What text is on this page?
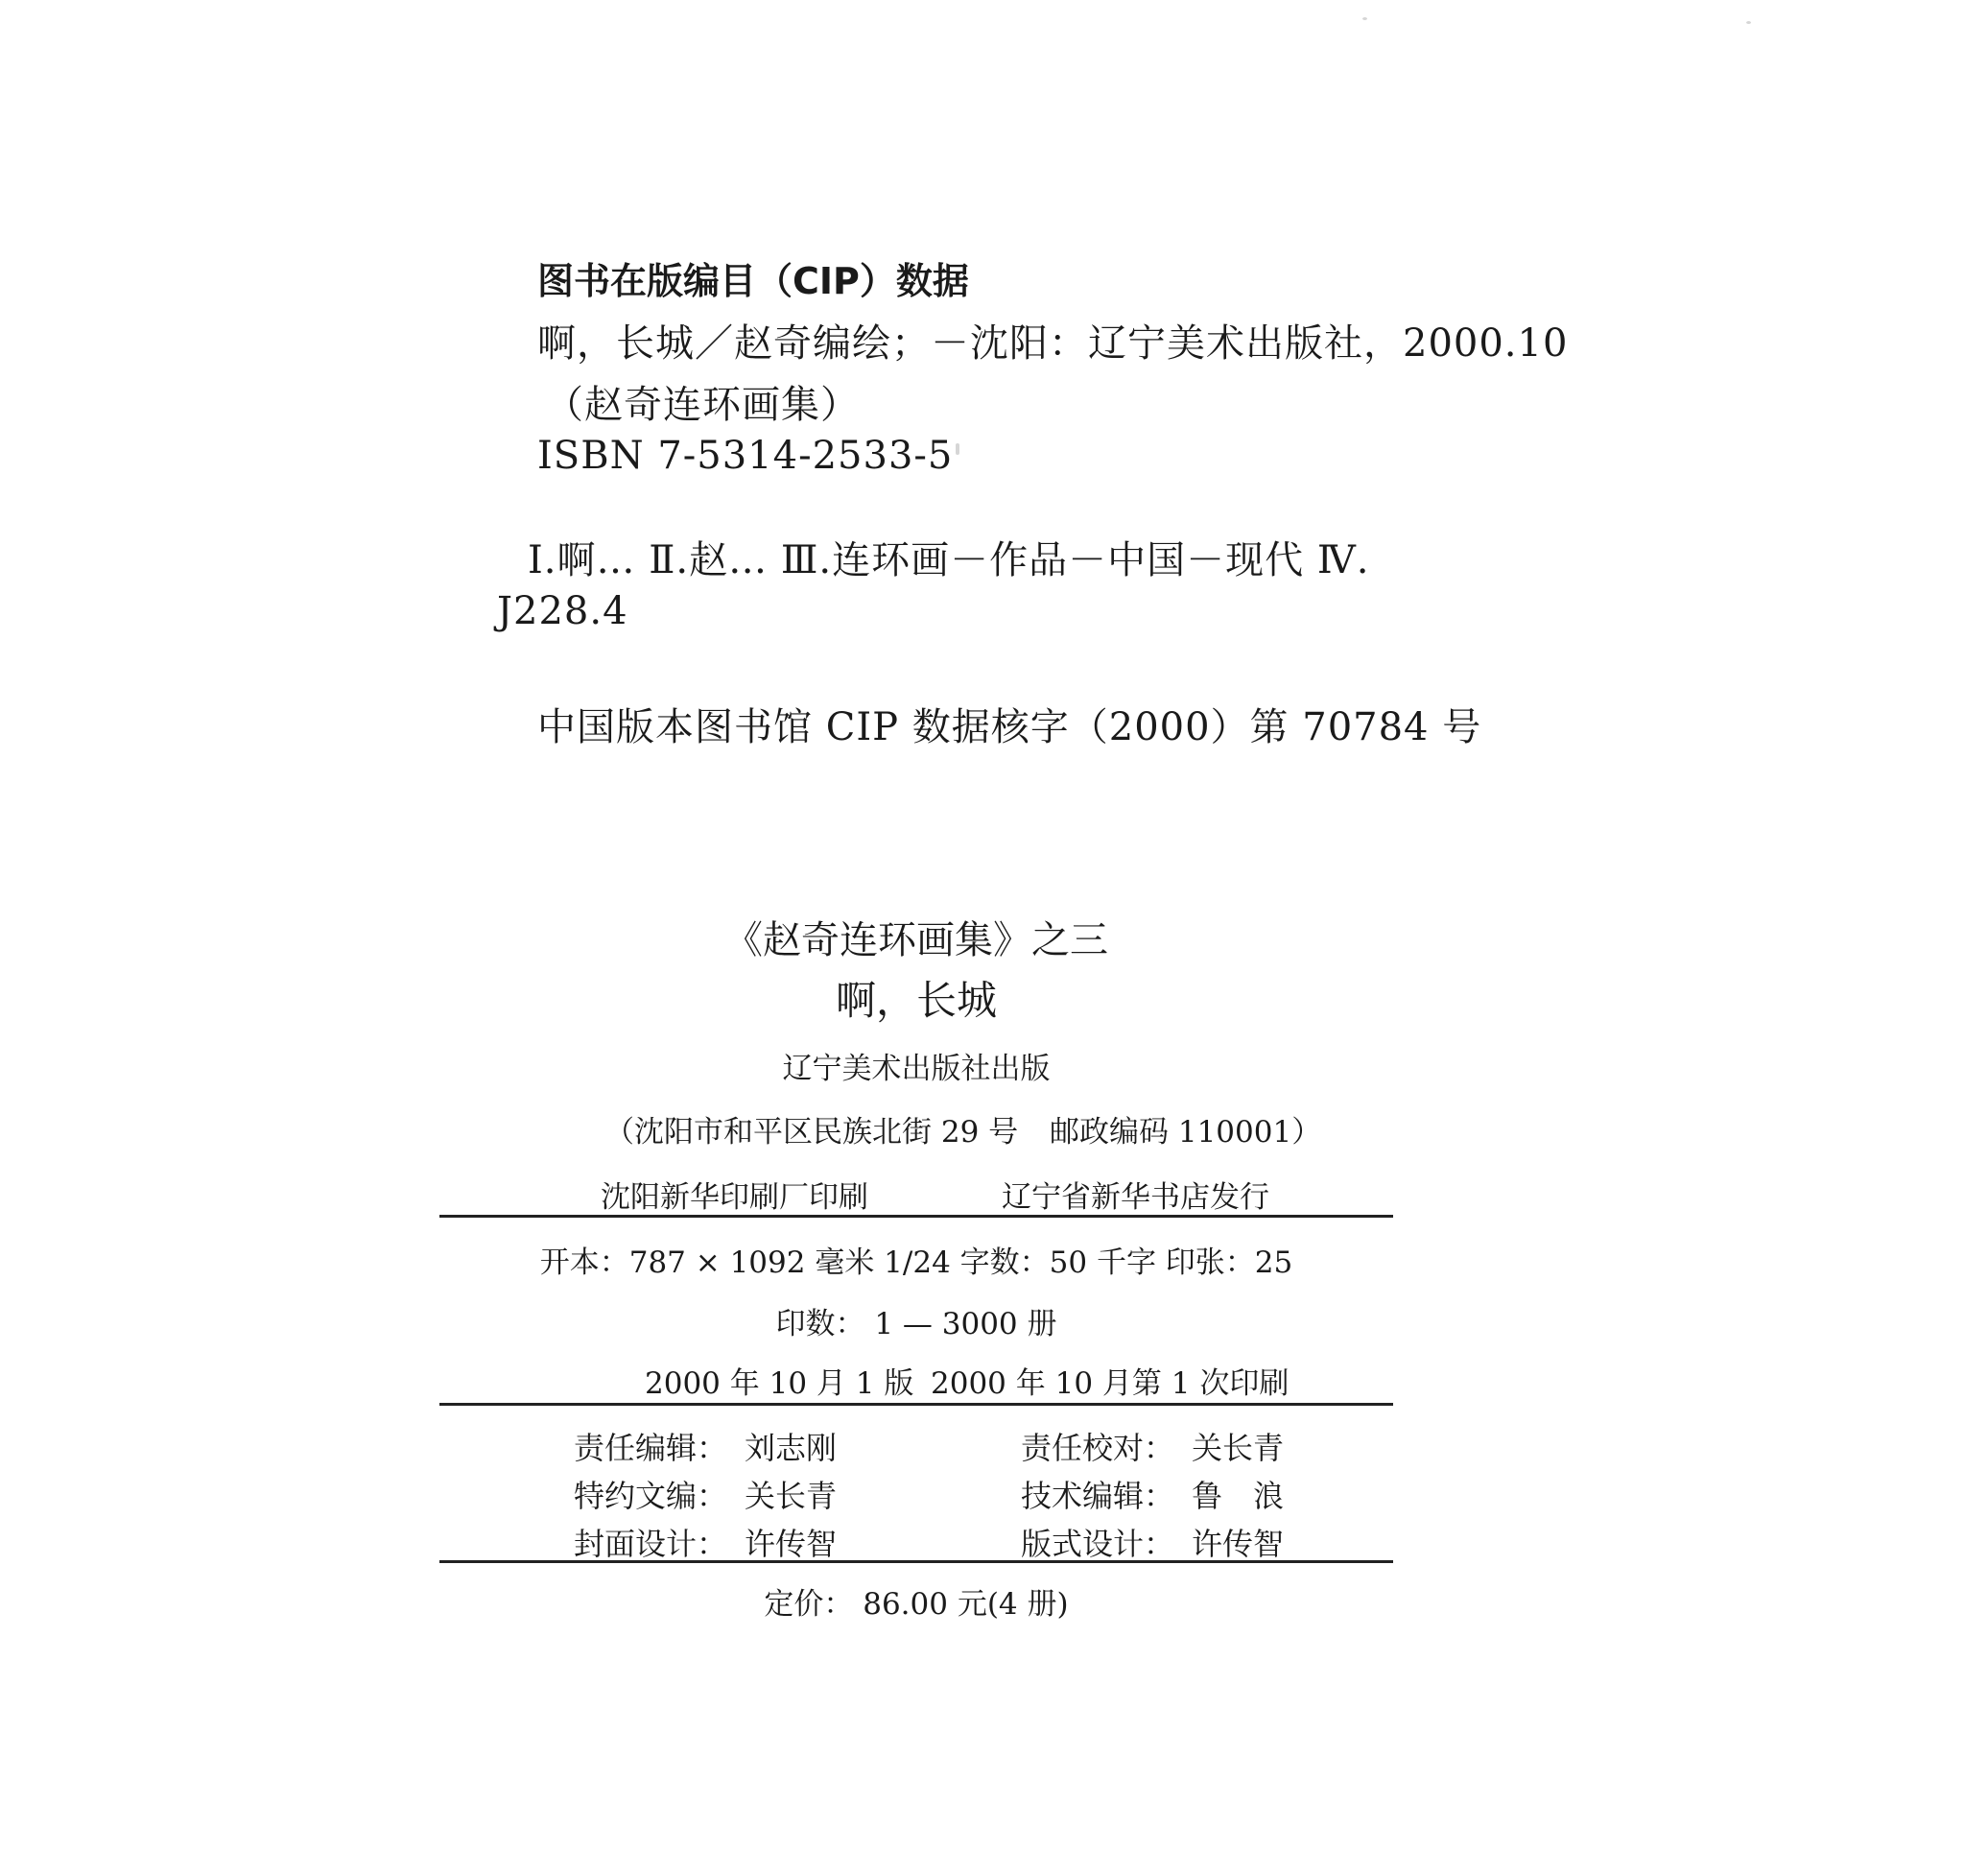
图书在版编目（CIP）数据
啊，长城／赵奇编绘；－沈阳：辽宁美术出版社，2000.10
（赵奇连环画集）
ISBN 7-5314-2533-5
Ⅰ.啊… Ⅱ.赵… Ⅲ.连环画－作品－中国－现代 Ⅳ.
J228.4
中国版本图书馆 CIP 数据核字（2000）第 70784 号
《赵奇连环画集》之三
啊，长城
辽宁美术出版社出版
（沈阳市和平区民族北街 29 号 邮政编码 110001）
沈阳新华印刷厂印刷	辽宁省新华书店发行
开本：787 × 1092 毫米 1/24 字数：50 千字 印张：25
印数： 1 — 3000 册
2000 年 10 月 1 版 2000 年 10 月第 1 次印刷
责任编辑： 刘志刚	责任校对： 关长青
特约文编： 关长青	技术编辑： 鲁　浪
封面设计： 许传智	版式设计： 许传智
定价： 86.00 元(4 册)
